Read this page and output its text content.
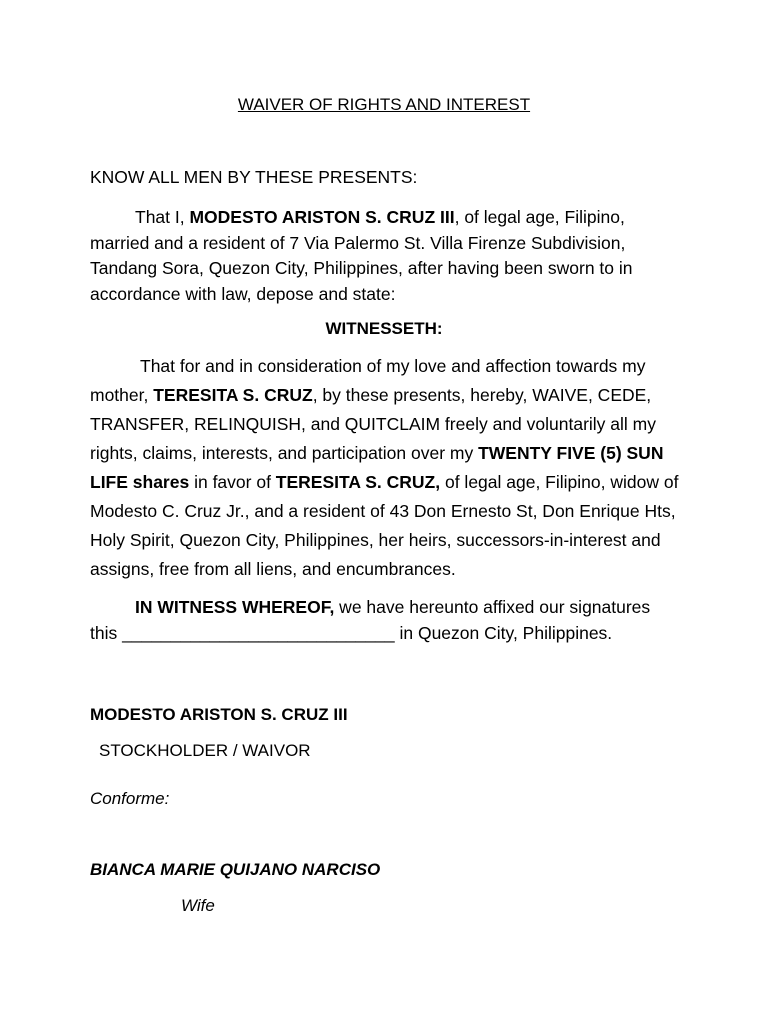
WAIVER OF RIGHTS AND INTEREST
KNOW ALL MEN BY THESE PRESENTS:
That I, MODESTO ARISTON S. CRUZ III, of legal age, Filipino, married and a resident of 7 Via Palermo St. Villa Firenze Subdivision, Tandang Sora, Quezon City, Philippines, after having been sworn to in accordance with law, depose and state:
WITNESSETH:
That for and in consideration of my love and affection towards my mother, TERESITA S. CRUZ, by these presents, hereby, WAIVE, CEDE, TRANSFER, RELINQUISH, and QUITCLAIM freely and voluntarily all my rights, claims, interests, and participation over my TWENTY FIVE (5) SUN LIFE shares in favor of TERESITA S. CRUZ, of legal age, Filipino, widow of Modesto C. Cruz Jr., and a resident of 43 Don Ernesto St, Don Enrique Hts, Holy Spirit, Quezon City, Philippines, her heirs, successors-in-interest and assigns, free from all liens, and encumbrances.
IN WITNESS WHEREOF, we have hereunto affixed our signatures this ____________________________ in Quezon City, Philippines.
MODESTO ARISTON S. CRUZ III
STOCKHOLDER / WAIVOR
Conforme:
BIANCA MARIE QUIJANO NARCISO
Wife
